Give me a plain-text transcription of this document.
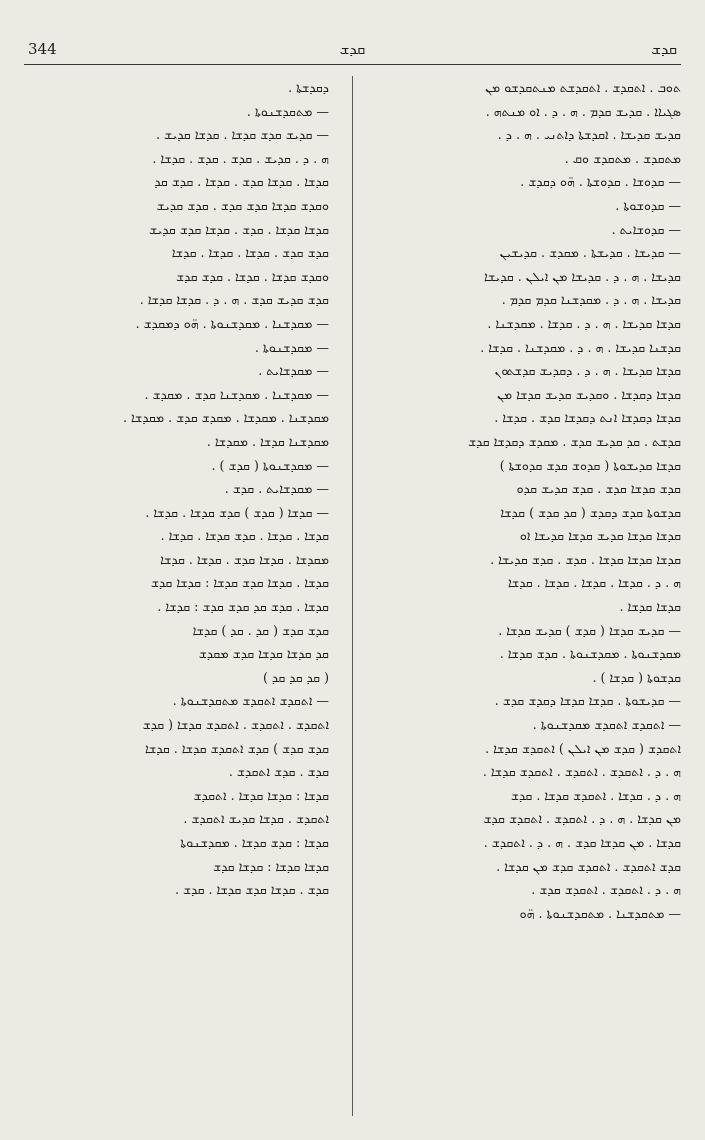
344	ܩܕܫ	ܩܕܫ
ܬܘܒ . ܐܬܩܕܫ . ܐܬܩܕܫܬ ܡܢܬܩܕܫܘ ܡܢ
ܣܓܝܐܐ . ܩܕܝܫ ܩܕܡ . ܗ . ܕ . ܐܘ ܡܢܬܗ .
ܩܕܝܫ ܩܕܝܫܐ . ܐܩܕܫܬܐ ܕܐܬܢܝ . ܗ . ܕ .
ܡܬܩܕܫ . ܡܬܩܕܫ ܘܩ .
— ܩܕܘܫܐ . ܩܕܘܫܬܐ . ܗ̈ܘ ܕܩܕܫ .
— ܩܕܘܫܘܬܐ .
— ܩܕܘܫܐܝܬ .
— ܩܕܝܫܐ . ܩܕܝܫܬܐ . ܡܩܕܫ . ܩܕܝܫܝܢ
ܩܕܝܫܐ . ܗ . ܕ . ܩܕܝܫܐ ܡܢ ܐܝܠܢ . ܩܕܝܫܐ
ܩܕܝܫܐ . ܗ . ܕ . ܡܩܕܫܢܐ ܩܕܡ ܩܕܡ .
ܩܕܫܐ ܩܕܝܫܐ . ܗ . ܕ . ܩܕܫܐ . ܡܩܕܫܢܐ .
ܩܕܫܢܐ ܩܕܝܫܐ . ܗ . ܕ . ܡܩܕܫܢܐ . ܩܕܫܐ .
ܩܕܫܐ ܩܕܝܫܐ . ܗ . ܕ . ܕܩܕܝܫ ܩܕܫܬܘܢ
ܩܕܫܐ ܕܩܕܫܐ . ܘܩܕܝܫ ܩܕܝܫ ܩܕܫܐ ܡܢ
ܩܕܫܐ ܕܩܕܫܐ ܐܢܬ ܕܩܕܫܐ ܩܕܫ . ܩܕܫܐ .
ܩܕܫܬ . ܩܕ ܩܕܝܫ ܩܕܫ . ܡܩܕܫ ܕܩܕܫܐ ܩܕܫ
ܩܕܫܐ ܩܕܝܫܘܬܐ ( ܩܕܘܫ ܩܕܫ ܩܕܘܫܬܐ )
ܩܕܫ ܩܕܫܐ ܩܕܫ . ܩܕܫ ܩܕܝܫ ܩܕܘ
ܩܕܫܘܬܐ ܩܕܫ ܕܩܕܫ ( ܩܕ ܩܕܫ ) ܩܕܫܐ
ܩܕܫܐ ܩܕܫܐ ܩܕܝܫ ܩܕܫܐ ܩܕܝܫܐ ܐܘ
ܩܕܫܐ ܩܕܫܐ ܩܕܫܐ . ܩܕܫ . ܩܕܫ ܩܕܝܫܐ .
ܗ . ܕ . ܩܕܫܐ . ܩܕܫܐ . ܩܕܫܐ . ܩܕܫܐ
ܩܕܫܐ ܩܕܫܐ .
— ܩܕܝܫ ܩܕܫܐ ( ܩܕܫ ) ܩܕܝܫ ܩܕܫܐ .
ܡܩܕܫܢܘܬܐ . ܡܩܕܫܢܘܬܐ . ܩܕܫ ܩܕܫܐ .
ܩܕܫܘܬܐ ( ܩܕܫܐ ) .
— ܩܕܝܫܘܬܐ . ܩܕܫܐ ܩܕܫܐ ܕܩܕܫ ܩܕܫ .
— ܐܬܩܕܫ ܐܬܩܕܫ ܡܩܕܫܢܘܬܐ .
ܐܬܩܕܫ ( ܩܕܫ ܡܢ ܐܝܠܢ ) ܐܬܩܕܫ ܩܕܫܐ .
ܗ . ܕ . ܐܬܩܕܫ . ܐܬܩܕܫ . ܐܬܩܕܫ ܩܕܫܐ .
ܗ . ܕ . ܩܕܫܐ . ܐܬܩܕܫ ܩܕܫܐ . ܩܕܫ
ܡܢ ܩܕܫܐ . ܗ . ܕ . ܐܬܩܕܫ . ܐܬܩܕܫ ܩܕܫ
ܩܕܫܐ . ܡܢ ܩܕܫܐ ܩܕܫ . ܗ . ܕ . ܐܬܩܕܫ .
ܩܕܫ ܐܬܩܕܫ . ܐܬܩܕܫ ܩܕܫ ܡܢ ܩܕܫܐ .
ܗ . ܕ . ܐܬܩܕܫ . ܐܬܩܕܫ ܩܕܫ .
— ܡܬܩܕܫܢܐ . ܡܬܩܕܫܢܘܬܐ . ܗ̈ܘ
ܕܩܕܫܬܐ .
— ܡܬܩܕܫܢܘܬܐ .
— ܩܕܝܫ ܩܕܫ ܩܕܫܐ . ܩܕܫܐ ܩܕܝܫ .
ܗ . ܕ . ܩܕܝܫ . ܩܕܫ . ܩܕܫ . ܩܕܫܐ .
ܩܕܫܐ . ܩܕܫܐ ܩܕܫ . ܩܕܫܐ . ܩܕܫ ܩܕ
ܘܩܕܫ ܩܕܫܐ ܩܕܫ ܩܕܫ . ܩܕܫ ܩܕܝܫ
ܩܕܫܐ ܩܕܫܐ . ܩܕܫ . ܩܕܫܐ ܩܕܫ ܩܕܝܫ
ܩܕܫ ܩܕܫ . ܩܕܫܐ . ܩܕܫܐ . ܩܕܫܐ
ܘܩܕܫ ܩܕܫܐ . ܩܕܫܐ . ܩܕܫ ܩܕܫ
ܩܕܫ ܩܕܝܫ ܩܕܫ . ܗ . ܕ . ܩܕܫܐ ܩܕܫܐ .
— ܡܩܕܫܢܐ . ܡܩܕܫܢܘܬܐ . ܗ̈ܘ ܕܡܩܕܫ .
— ܡܩܕܫܢܘܬܐ .
— ܡܩܕܫܐܝܬ .
— ܡܩܕܫܢܐ . ܡܩܕܫܢܐ ܩܕܫ . ܡܩܕܫ .
ܡܩܕܫܢܐ . ܡܩܕܫܐ . ܡܩܕܫ ܩܕܫ . ܡܩܕܫܐ .
ܡܩܕܫܢܐ ܩܕܫܐ . ܡܩܕܫܐ .
— ܡܩܕܫܢܘܬܐ ( ܩܕܫ ) .
— ܡܩܕܫܐܝܬ . ܩܕܫ .
— ܩܕܫܐ ( ܩܕܫ ) ܩܕܫ ܩܕܫܐ . ܩܕܫܐ .
ܩܕܫܐ . ܩܕܫܐ . ܩܕܫ ܩܕܫܐ . ܩܕܫܐ .
ܡܩܕܫܐ . ܩܕܫܐ ܩܕܫ . ܩܕܫܐ . ܩܕܫܐ
ܩܕܫܐ . ܩܕܫܐ ܩܕܫ ܩܕܫܐ : ܩܕܫܐ ܩܕܫ
ܩܕܫܐ . ܩܕܫ ܩܕ ܩܕܫ ܩܕܫ : ܩܕܫܐ .
ܩܕܫ ܩܕܫ ( ܩܕ . ܩܕ ) ܩܕܫܐ
ܩܕ ܩܕܫܐ ܩܕܫܐ ܩܕܫ ܡܩܕܫ
( ܩܕ ܩܕ ܩܕ )
— ܐܬܩܕܫ ܐܬܩܕܫ ܡܬܩܕܫܢܘܬܐ .
ܐܬܩܕܫ . ܐܬܩܕܫ . ܐܬܩܕܫ ܩܕܫܐ ( ܩܕܫ
ܩܕܫ ܩܕܫ ) ܩܕܫ ܐܬܩܕܫ ܩܕܫܐ . ܩܕܫܐ
ܩܕܫ . ܩܕܫ ܐܬܩܕܫ .
ܩܕܫܐ : ܩܕܫܐ ܩܕܫܐ . ܐܬܩܕܫ
ܐܬܩܕܫ . ܩܕܫܐ ܩܕܝܫ ܐܬܩܕܫ .
ܩܕܫܐ : ܩܕܫ ܩܕܫܐ . ܡܩܕܫܢܘܬܐ
ܩܕܫܐ ܩܕܫܐ : ܩܕܫܐ ܩܕܫ
ܩܕܫ . ܩܕܫܐ ܩܕܫ ܩܕܫܐ . ܩܕܫ .
